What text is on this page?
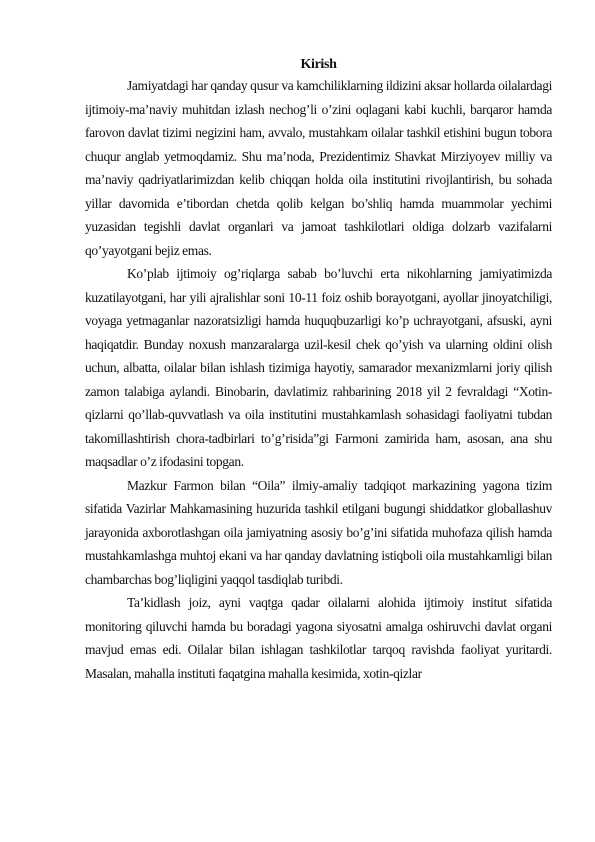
Kirish

Jamiyatdagi har qanday qusur va kamchiliklarning ildizini aksar hollarda oilalardagi ijtimoiy-ma’naviy muhitdan izlash nechog’li o’zini oqlagani kabi kuchli, barqaror hamda farovon davlat tizimi negizini ham, avvalo, mustahkam oilalar tashkil etishini bugun tobora chuqur anglab yetmoqdamiz. Shu ma’noda, Prezidentimiz Shavkat Mirziyoyev milliy va ma’naviy qadriyatlarimizdan kelib chiqqan holda oila institutini rivojlantirish, bu sohada yillar davomida e’tibordan chetda qolib kelgan bo’shliq hamda muammolar yechimi yuzasidan tegishli davlat organlari va jamoat tashkilotlari oldiga dolzarb vazifalarni qo’yayotgani bejiz emas.

Ko’plab ijtimoiy og’riqlarga sabab bo’luvchi erta nikohlarning jamiyatimizda kuzatilayotgani, har yili ajralishlar soni 10-11 foiz oshib borayotgani, ayollar jinoyatchiligi, voyaga yetmaganlar nazoratsizligi hamda huquqbuzarligi ko’p uchrayotgani, afsuski, ayni haqiqatdir. Bunday noxush manzaralarga uzil-kesil chek qo’yish va ularning oldini olish uchun, albatta, oilalar bilan ishlash tizimiga hayotiy, samarador mexanizmlarni joriy qilish zamon talabiga aylandi. Binobarin, davlatimiz rahbarining 2018 yil 2 fevraldagi “Xotin-qizlarni qo’llab-quvvatlash va oila institutini mustahkamlash sohasidagi faoliyatni tubdan takomillashtirish chora-tadbirlari to’g’risida”gi Farmoni zamirida ham, asosan, ana shu maqsadlar o’z ifodasini topgan.

Mazkur Farmon bilan “Oila” ilmiy-amaliy tadqiqot markazining yagona tizim sifatida Vazirlar Mahkamasining huzurida tashkil etilgani bugungi shiddatkor globallashuv jarayonida axborotlashgan oila jamiyatning asosiy bo’g’ini sifatida muhofaza qilish hamda mustahkamlashga muhtoj ekani va har qanday davlatning istiqboli oila mustahkamligi bilan chambarchas bog’liqligini yaqqol tasdiqlab turibdi.

Ta’kidlash joiz, ayni vaqtga qadar oilalarni alohida ijtimoiy institut sifatida monitoring qiluvchi hamda bu boradagi yagona siyosatni amalga oshiruvchi davlat organi mavjud emas edi. Oilalar bilan ishlagan tashkilotlar tarqoq ravishda faoliyat yuritardi. Masalan, mahalla instituti faqatgina mahalla kesimida, xotin-qizlar
